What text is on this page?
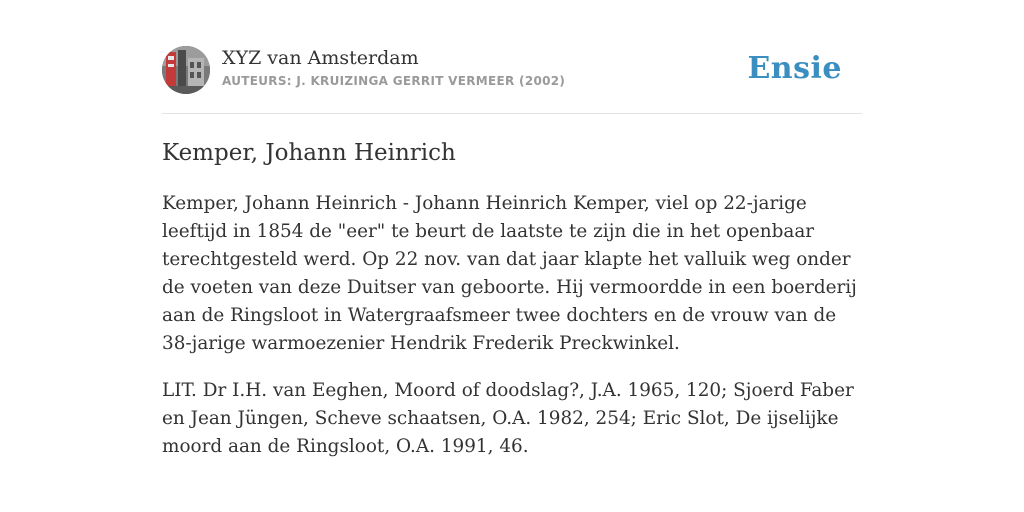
XYZ van Amsterdam
AUTEURS: J. KRUIZINGA GERRIT VERMEER (2002)	Ensie
Kemper, Johann Heinrich

Kemper, Johann Heinrich - Johann Heinrich Kemper, viel op 22-jarige leeftijd in 1854 de "eer" te beurt de laatste te zijn die in het openbaar terechtgesteld werd. Op 22 nov. van dat jaar klapte het valluik weg onder de voeten van deze Duitser van geboorte. Hij vermoordde in een boerderij aan de Ringsloot in Watergraafsmeer twee dochters en de vrouw van de 38-jarige warmoezenier Hendrik Frederik Preckwinkel.

LIT. Dr I.H. van Eeghen, Moord of doodslag?, J.A. 1965, 120; Sjoerd Faber en Jean Jüngen, Scheve schaatsen, O.A. 1982, 254; Eric Slot, De ijselijke moord aan de Ringsloot, O.A. 1991, 46.
